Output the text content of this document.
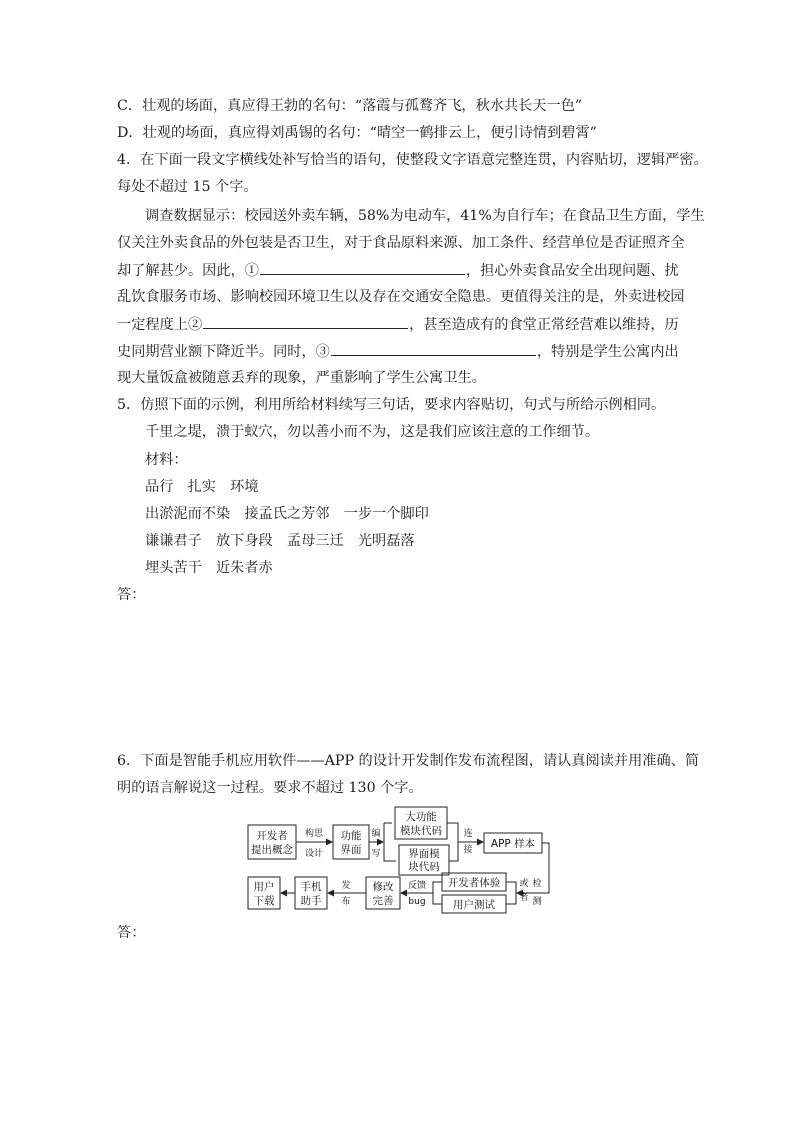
C．壮观的场面，真应得王勃的名句：“落霞与孤鹜齐飞，秋水共长天一色”
D．壮观的场面，真应得刘禹锡的名句：“晴空一鹤排云上，便引诗情到碧霄”
4．在下面一段文字横线处补写恰当的语句，使整段文字语意完整连贯，内容贴切，逻辑严密。
每处不超过 15 个字。
调查数据显示：校园送外卖车辆，58%为电动车，41%为自行车；在食品卫生方面，学生
仅关注外卖食品的外包装是否卫生，对于食品原料来源、加工条件、经营单位是否证照齐全
却了解甚少。因此，①	，担心外卖食品安全出现问题、扰
乱饮食服务市场、影响校园环境卫生以及存在交通安全隐患。更值得关注的是，外卖进校园
一定程度上②	，甚至造成有的食堂正常经营难以维持，历
史同期营业额下降近半。同时，③	，特别是学生公寓内出
现大量饭盒被随意丢弃的现象，严重影响了学生公寓卫生。
5．仿照下面的示例，利用所给材料续写三句话，要求内容贴切，句式与所给示例相同。
千里之堤，溃于蚁穴，勿以善小而不为，这是我们应该注意的工作细节。
材料：
品行　扎实　环境
出淤泥而不染　接孟氏之芳邻　一步一个脚印
谦谦君子　放下身段　孟母三迁　光明磊落
埋头苦干　近朱者赤
答：
6．下面是智能手机应用软件——APP 的设计开发制作发布流程图，请认真阅读并用准确、简
明的语言解说这一过程。要求不超过 130 个字。
开发者
提出概念
功能
界面
大功能
模块代码
界面模
块代码
APP 样本
用户
下载
手机
助手
修改
完善
开发者体验
用户测试
构思
设计
编
写
连
接
检
测
或
者
反馈
bug
发
布
答：
